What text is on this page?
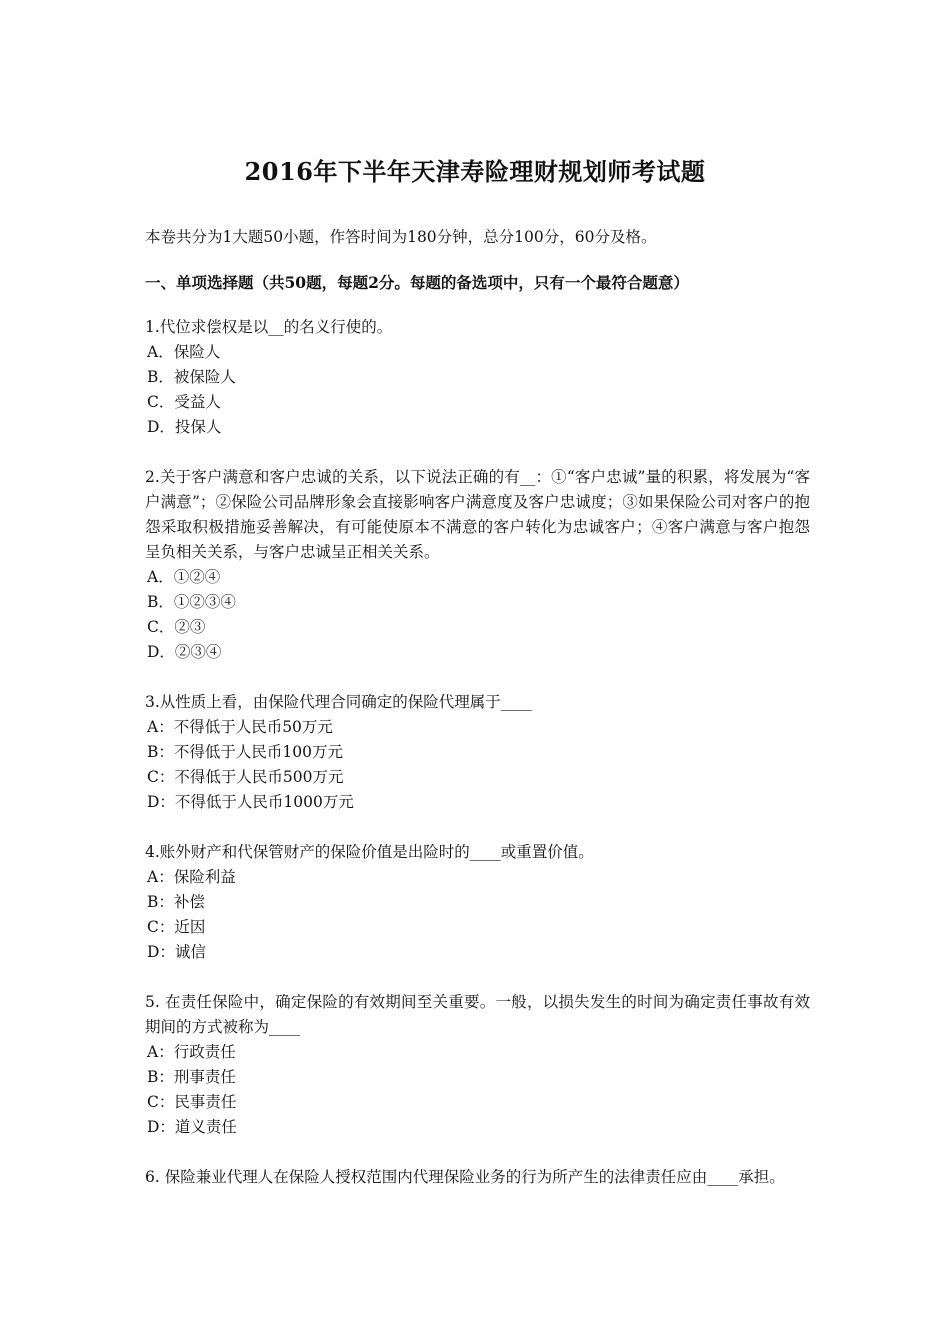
2016年下半年天津寿险理财规划师考试题
本卷共分为1大题50小题，作答时间为180分钟，总分100分，60分及格。
一、单项选择题（共50题，每题2分。每题的备选项中，只有一个最符合题意）
1.代位求偿权是以__的名义行使的。
A．保险人
B．被保险人
C．受益人
D．投保人
2.关于客户满意和客户忠诚的关系，以下说法正确的有__：①“客户忠诚”量的积累，将发展为“客户满意”；②保险公司品牌形象会直接影响客户满意度及客户忠诚度；③如果保险公司对客户的抱怨采取积极措施妥善解决，有可能使原本不满意的客户转化为忠诚客户；④客户满意与客户抱怨呈负相关关系，与客户忠诚呈正相关关系。
A．①②④
B．①②③④
C．②③
D．②③④
3.从性质上看，由保险代理合同确定的保险代理属于____
A：不得低于人民币50万元
B：不得低于人民币100万元
C：不得低于人民币500万元
D：不得低于人民币1000万元
4.账外财产和代保管财产的保险价值是出险时的____或重置价值。
A：保险利益
B：补偿
C：近因
D：诚信
5. 在责任保险中，确定保险的有效期间至关重要。一般，以损失发生的时间为确定责任事故有效期间的方式被称为____
A：行政责任
B：刑事责任
C：民事责任
D：道义责任
6. 保险兼业代理人在保险人授权范围内代理保险业务的行为所产生的法律责任应由____承担。
